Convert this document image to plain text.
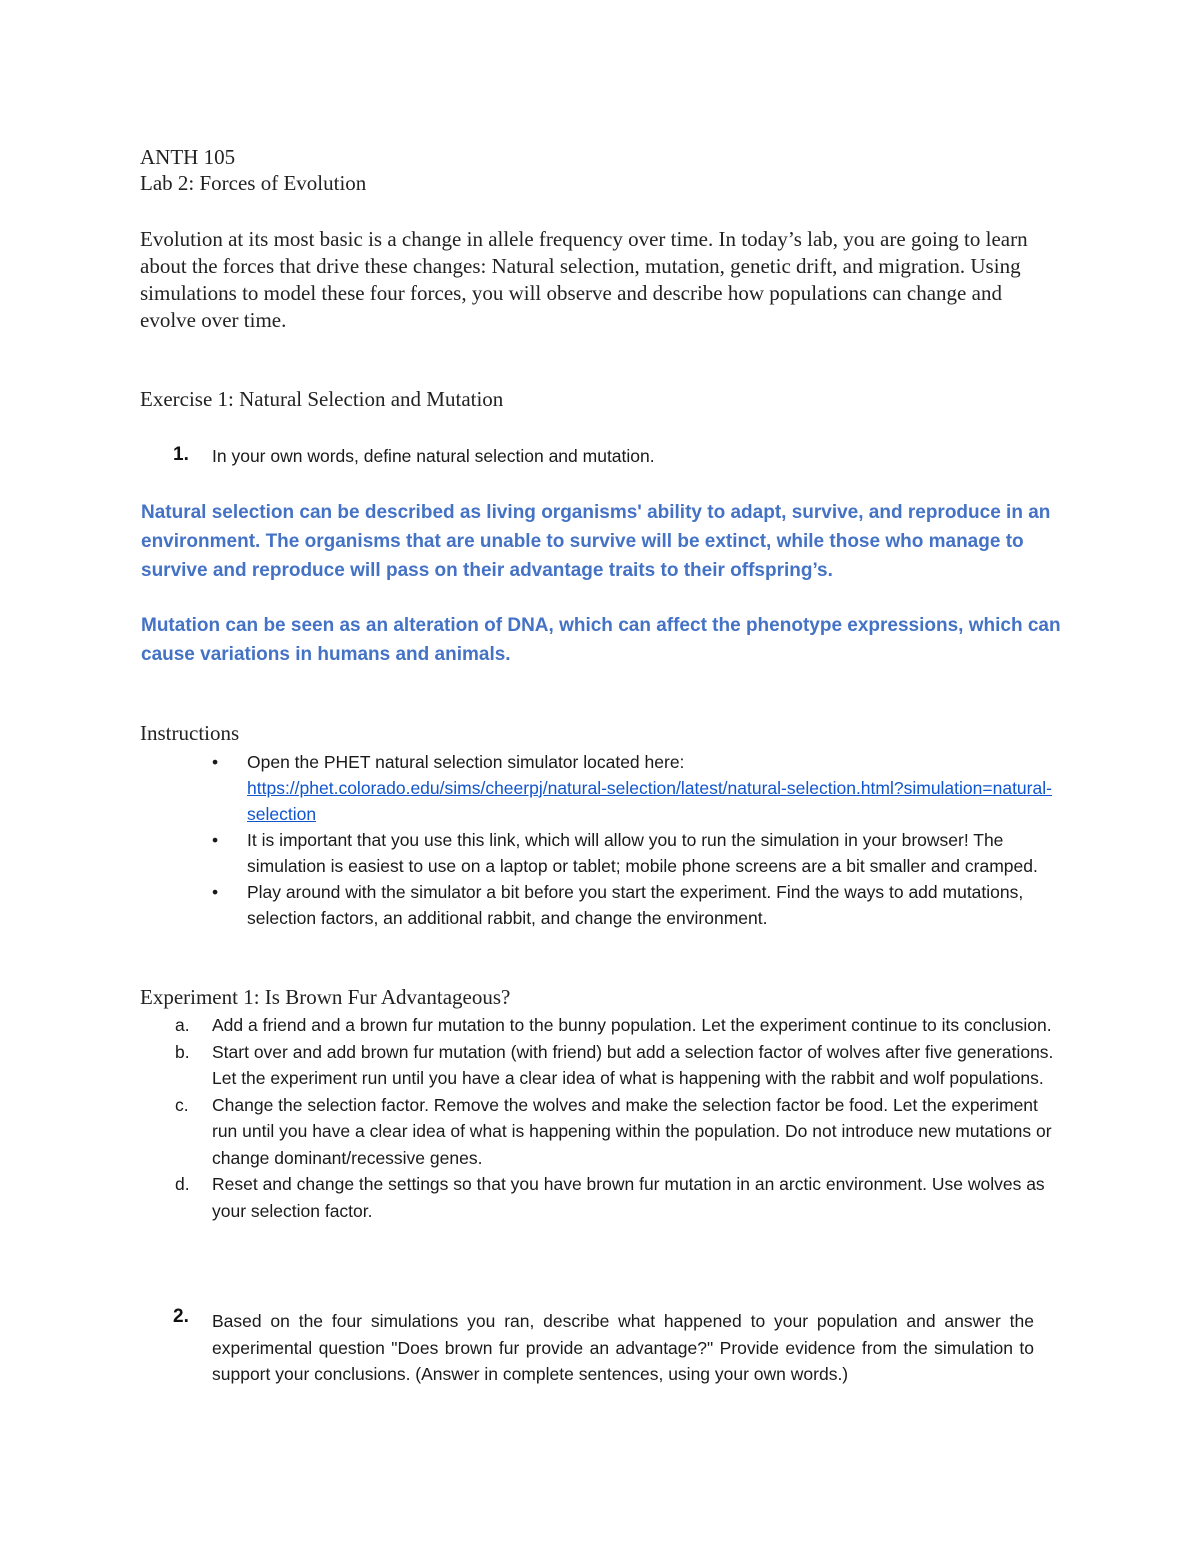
ANTH 105
Lab 2: Forces of Evolution
Evolution at its most basic is a change in allele frequency over time. In today’s lab, you are going to learn about the forces that drive these changes: Natural selection, mutation, genetic drift, and migration. Using simulations to model these four forces, you will observe and describe how populations can change and evolve over time.
Exercise 1: Natural Selection and Mutation
1. In your own words, define natural selection and mutation.
Natural selection can be described as living organisms' ability to adapt, survive, and reproduce in an environment. The organisms that are unable to survive will be extinct, while those who manage to survive and reproduce will pass on their advantage traits to their offspring’s.
Mutation can be seen as an alteration of DNA, which can affect the phenotype expressions, which can cause variations in humans and animals.
Instructions
• Open the PHET natural selection simulator located here:
https://phet.colorado.edu/sims/cheerpj/natural-selection/latest/natural-selection.html?simulation=natural-selection
• It is important that you use this link, which will allow you to run the simulation in your browser! The simulation is easiest to use on a laptop or tablet; mobile phone screens are a bit smaller and cramped.
• Play around with the simulator a bit before you start the experiment. Find the ways to add mutations, selection factors, an additional rabbit, and change the environment.
Experiment 1: Is Brown Fur Advantageous?
a. Add a friend and a brown fur mutation to the bunny population. Let the experiment continue to its conclusion.
b. Start over and add brown fur mutation (with friend) but add a selection factor of wolves after five generations. Let the experiment run until you have a clear idea of what is happening with the rabbit and wolf populations.
c. Change the selection factor. Remove the wolves and make the selection factor be food. Let the experiment run until you have a clear idea of what is happening within the population. Do not introduce new mutations or change dominant/recessive genes.
d. Reset and change the settings so that you have brown fur mutation in an arctic environment. Use wolves as your selection factor.
2. Based on the four simulations you ran, describe what happened to your population and answer the experimental question "Does brown fur provide an advantage?" Provide evidence from the simulation to support your conclusions. (Answer in complete sentences, using your own words.)
